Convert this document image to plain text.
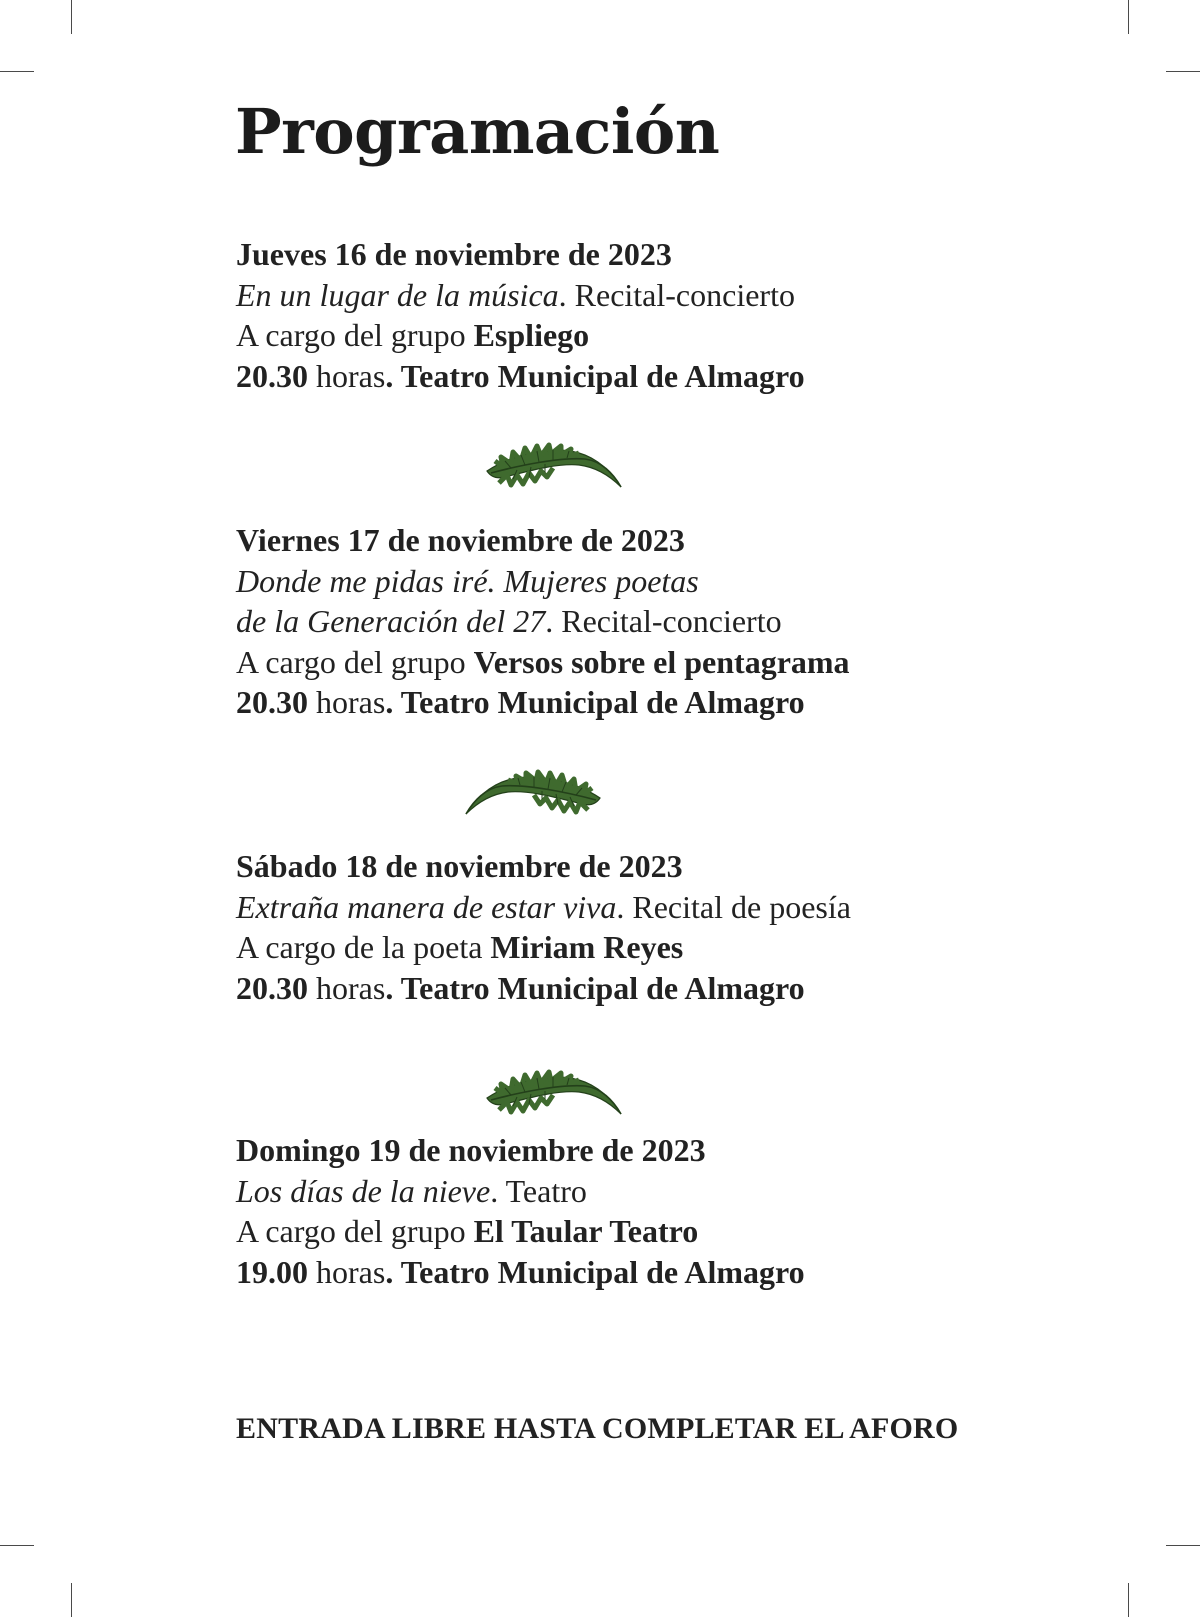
Programación
Jueves 16 de noviembre de 2023
En un lugar de la música. Recital-concierto
A cargo del grupo Espliego
20.30 horas. Teatro Municipal de Almagro
Viernes 17 de noviembre de 2023
Donde me pidas iré. Mujeres poetas
de la Generación del 27. Recital-concierto
A cargo del grupo Versos sobre el pentagrama
20.30 horas. Teatro Municipal de Almagro
Sábado 18 de noviembre de 2023
Extraña manera de estar viva. Recital de poesía
A cargo de la poeta Miriam Reyes
20.30 horas. Teatro Municipal de Almagro
Domingo 19 de noviembre de 2023
Los días de la nieve. Teatro
A cargo del grupo El Taular Teatro
19.00 horas. Teatro Municipal de Almagro
ENTRADA LIBRE HASTA COMPLETAR EL AFORO
